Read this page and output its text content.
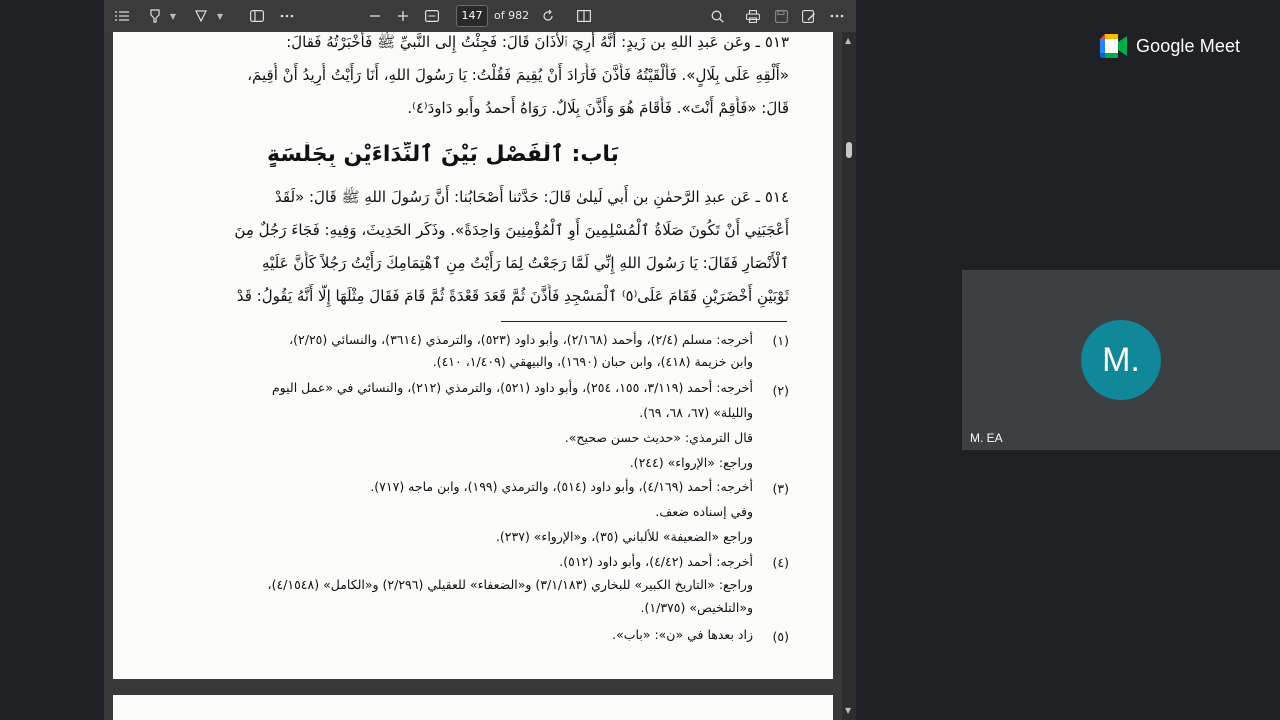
▼	▼	147	of 982
٥١٣ ـ وعَن عَبدِ اللهِ بن زَيدٍ: أَنَّهُ أُرِيَ ٱلأَذَانَ قَالَ: فَجِئْتُ إِلى النَّبيِّ ﷺ فَأَخْبَرْتُهُ فَقالَ:
«أَلْقِهِ عَلَى بِلَالٍ». فَأَلْقَيْتُهُ فَأَذَّنَ فَأَرَادَ أَنْ يُقِيمَ فَقُلْتُ: يَا رَسُولَ اللهِ، أَنَا رَأَيْتُ أُرِيدُ أَنْ أُقِيمَ،
قَالَ: «فَأَقِمْ أَنْتَ». فَأَقَامَ هُوَ وَأَذَّنَ بِلَالٌ. رَوَاهُ أَحمدُ وأَبو دَاودَ⁽٤⁾.
بَاب: ٱلْفَصْل بَيْنَ ٱلنِّدَاءَيْنِ بِجَلْسَةٍ
٥١٤ ـ عَن عبدِ الرَّحمٰنِ بن أَبي لَيلىٰ قَالَ: حَدَّثنا أَصْحَابُنا: أَنَّ رَسُولَ اللهِ ﷺ قَالَ: «لَقَدْ
أَعْجَبَنِي أَنْ تَكُونَ صَلَاةُ ٱلْمُسْلِمِينَ أَوِ ٱلْمُؤْمِنِينَ وَاحِدَةً». وذَكَر الحَدِيثَ، وَفِيهِ: فَجَاءَ رَجُلٌ مِنَ
ٱلْأَنْصَارِ فَقَالَ: يَا رَسُولَ اللهِ إِنِّي لَمَّا رَجَعْتُ لِمَا رَأَيْتُ مِنِ ٱهْتِمَامِكَ رَأَيْتُ رَجُلاً كَأَنَّ عَلَيْهِ
ثَوْبَيْنِ أَخْضَرَيْنِ فَقَامَ عَلَى⁽٥⁾ ٱلْمَسْجِدِ فَأَذَّنَ ثُمَّ قَعَدَ قَعْدَةً ثُمَّ قَامَ فَقَالَ مِثْلَهَا إِلَّا أَنَّهُ يَقُولُ: قَدْ
(١)
أخرجه: مسلم (٢/٤)، وأحمد (٢/١٦٨)، وأبو داود (٥٢٣)، والترمذي (٣٦١٤)، والنسائي (٢/٢٥)،
وابن خزيمة (٤١٨)، وابن حبان (١٦٩٠)، والبيهقي (١/٤٠٩، ٤١٠).
(٢)
أخرجه: أحمد (٣/١١٩، ١٥٥، ٢٥٤)، وأبو داود (٥٢١)، والترمذي (٢١٢)، والنسائي في «عمل اليوم
والليلة» (٦٧، ٦٨، ٦٩).
قال الترمذي: «حديث حسن صحيح».
وراجع: «الإرواء» (٢٤٤).
(٣)
أخرجه: أحمد (٤/١٦٩)، وأبو داود (٥١٤)، والترمذي (١٩٩)، وابن ماجه (٧١٧).
وفي إسناده ضعف.
وراجع «الضعيفة» للألباني (٣٥)، و«الإرواء» (٢٣٧).
(٤)
أخرجه: أحمد (٤/٤٢)، وأبو داود (٥١٢).
وراجع: «التاريخ الكبير» للبخاري (٣/١/١٨٣) و«الضعفاء» للعقيلي (٢/٢٩٦) و«الكامل» (٤/١٥٤٨)،
و«التلخيص» (١/٣٧٥).
(٥)
زاد بعدها في «ن»: «باب».
▲
▼
Google Meet
M.
M. EA
